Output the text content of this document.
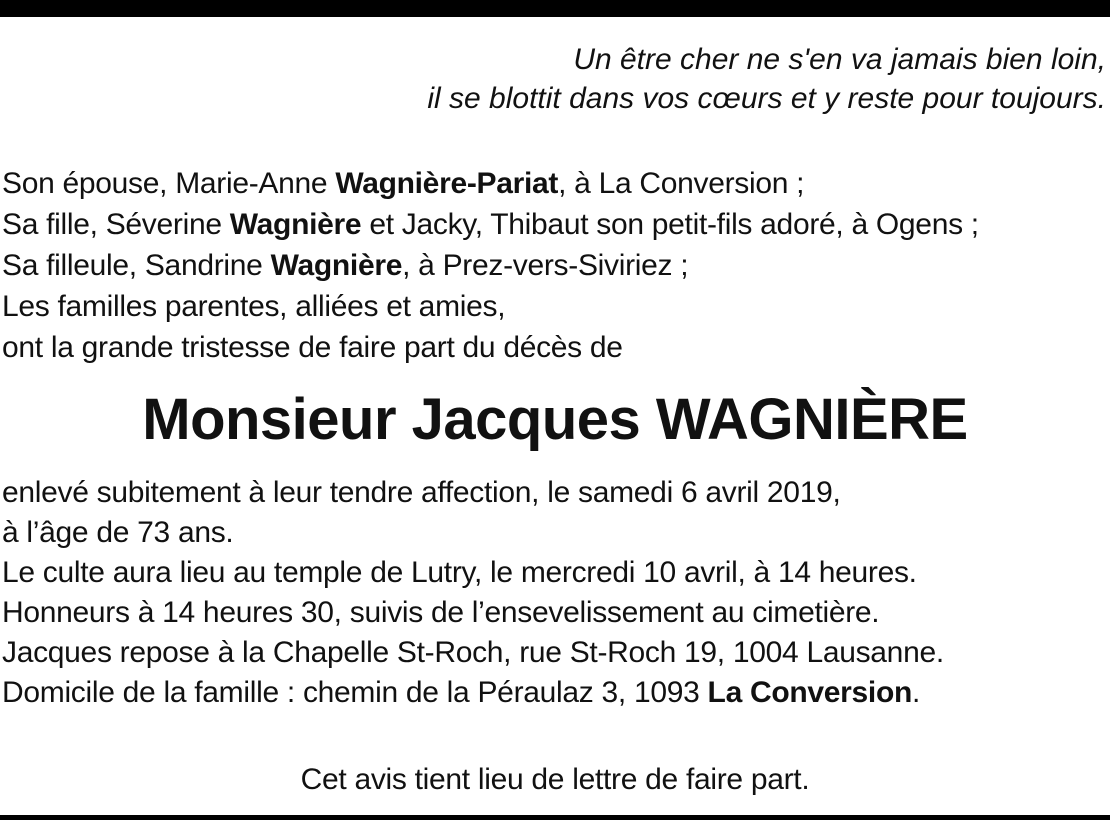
Un être cher ne s'en va jamais bien loin,
il se blottit dans vos cœurs et y reste pour toujours.
Son épouse, Marie-Anne Wagnière-Pariat, à La Conversion ;
Sa fille, Séverine Wagnière et Jacky, Thibaut son petit-fils adoré, à Ogens ;
Sa filleule, Sandrine Wagnière, à Prez-vers-Siviriez ;
Les familles parentes, alliées et amies,
ont la grande tristesse de faire part du décès de
Monsieur Jacques WAGNIÈRE
enlevé subitement à leur tendre affection, le samedi 6 avril 2019,
à l’âge de 73 ans.
Le culte aura lieu au temple de Lutry, le mercredi 10 avril, à 14 heures.
Honneurs à 14 heures 30, suivis de l’ensevelissement au cimetière.
Jacques repose à la Chapelle St-Roch, rue St-Roch 19, 1004 Lausanne.
Domicile de la famille : chemin de la Péraulaz 3, 1093 La Conversion.
Cet avis tient lieu de lettre de faire part.
